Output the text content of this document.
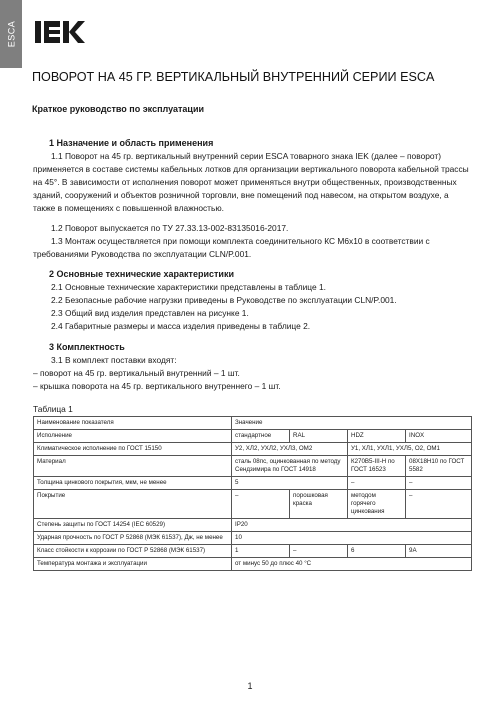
ESCA
ПОВОРОТ НА 45 ГР. ВЕРТИКАЛЬНЫЙ ВНУТРЕННИЙ СЕРИИ ESCA
Краткое руководство по эксплуатации
1 Назначение и область применения
1.1 Поворот на 45 гр. вертикальный внутренний серии ESCA товарного знака IEK (далее – поворот) применяется в составе системы кабельных лотков для организации вертикального поворота кабельной трассы на 45°. В зависимости от исполнения поворот может применяться внутри общественных, производственных зданий, сооружений и объектов розничной торговли, вне помещений под навесом, на открытом воздухе, а также в помещениях с повышенной влажностью.
1.2 Поворот выпускается по ТУ 27.33.13-002-83135016-2017.
1.3 Монтаж осуществляется при помощи комплекта соединительного КС М6х10 в соответствии с требованиями Руководства по эксплуатации CLN/P.001.
2 Основные технические характеристики
2.1 Основные технические характеристики представлены в таблице 1.
2.2 Безопасные рабочие нагрузки приведены в Руководстве по эксплуатации CLN/P.001.
2.3 Общий вид изделия представлен на рисунке 1.
2.4 Габаритные размеры и масса изделия приведены в таблице 2.
3 Комплектность
3.1 В комплект поставки входят:
– поворот на 45 гр. вертикальный внутренний – 1 шт.
– крышка поворота на 45 гр. вертикального внутреннего – 1 шт.
Таблица 1
Наименование показателя	Значение			
Исполнение	стандартное	RAL	HDZ	INOX
Климатическое исполнение по ГОСТ 15150	У2, ХЛ2, УХЛ2, УХЛ3, ОМ2		У1, ХЛ1, УХЛ1, УХЛ5, О2, ОМ1	
Материал	сталь 08пс, оцинкованная по методу Сендзимира по ГОСТ 14918		К270В5-III-Н по ГОСТ 16523	08Х18Н10 по ГОСТ 5582
Толщина цинкового покрытия, мкм, не менее	5		–	–
Покрытие	–	порошковая краска	методом горячего цинкования	–
Степень защиты по ГОСТ 14254 (IEC 60529)	IP20			
Ударная прочность по ГОСТ Р 52868 (МЭК 61537), Дж, не менее	10			
Класс стойкости к коррозии по ГОСТ Р 52868 (МЭК 61537)	1	–	6	9А
Температура монтажа и эксплуатации	от минус 50 до плюс 40 °С			
1
